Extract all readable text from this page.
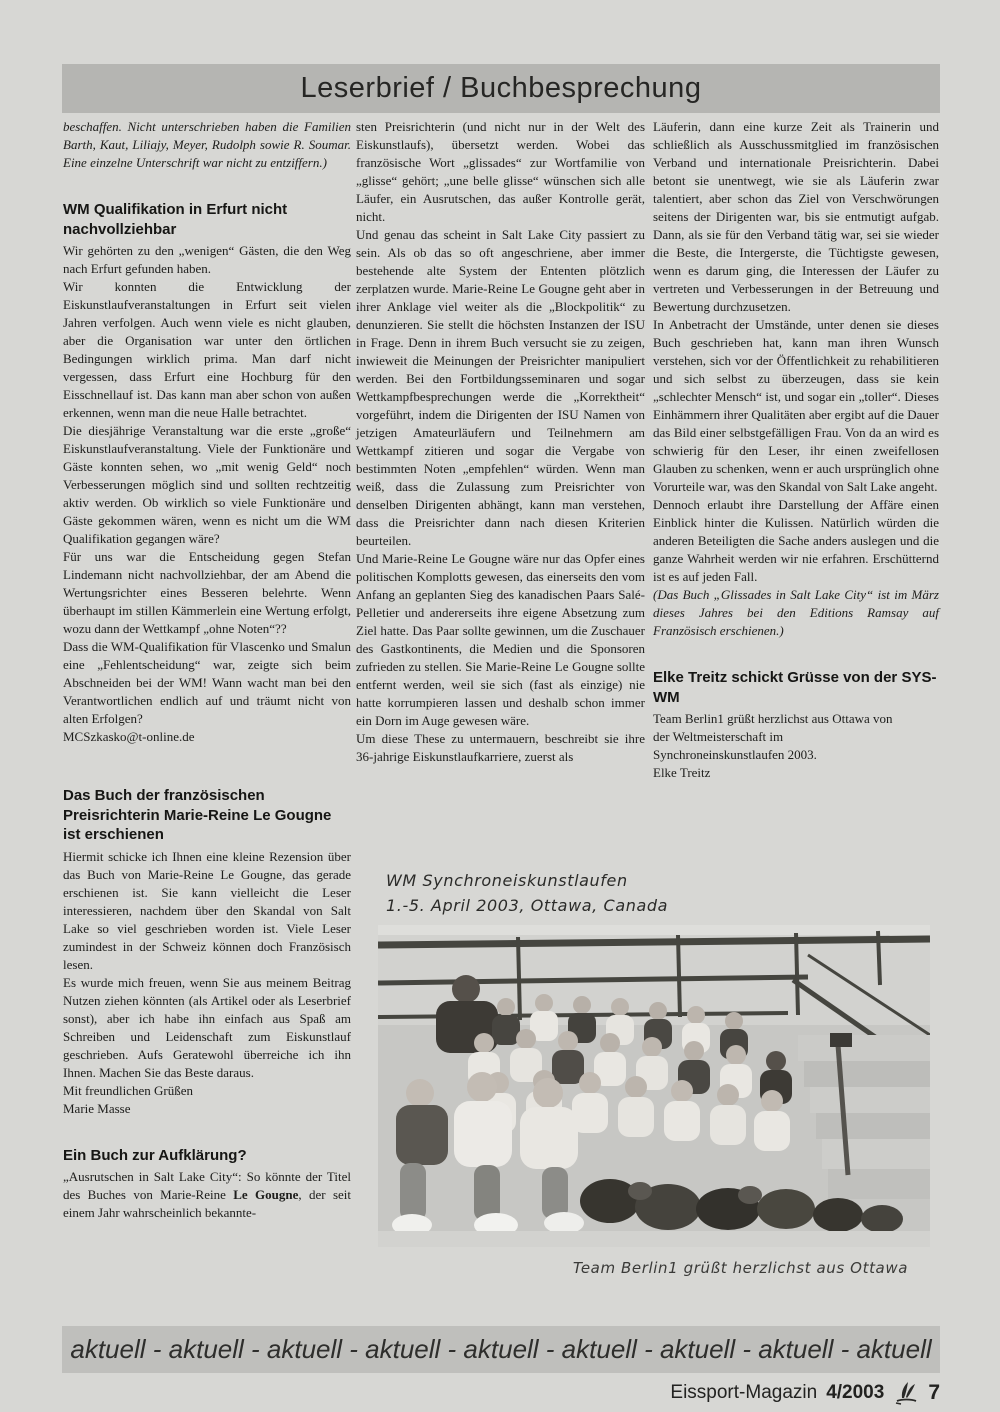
Leserbrief / Buchbesprechung

beschaffen. Nicht unterschrieben haben die Familien Barth, Kaut, Liliajy, Meyer, Rudolph sowie R. Soumar. Eine einzelne Unterschrift war nicht zu entziffern.)

WM Qualifikation in Erfurt nicht nachvollziehbar

Wir gehörten zu den „wenigen“ Gästen, die den Weg nach Erfurt gefunden haben.

Wir konnten die Entwicklung der Eiskunstlaufveranstaltungen in Erfurt seit vielen Jahren verfolgen. Auch wenn viele es nicht glauben, aber die Organisation war unter den örtlichen Bedingungen wirklich prima. Man darf nicht vergessen, dass Erfurt eine Hochburg für den Eisschnellauf ist. Das kann man aber schon von außen erkennen, wenn man die neue Halle betrachtet.

Die diesjährige Veranstaltung war die erste „große“ Eiskunstlaufveranstaltung. Viele der Funktionäre und Gäste konnten sehen, wo „mit wenig Geld“ noch Verbesserungen möglich sind und sollten rechtzeitig aktiv werden. Ob wirklich so viele Funktionäre und Gäste gekommen wären, wenn es nicht um die WM Qualifikation gegangen wäre?

Für uns war die Entscheidung gegen Stefan Lindemann nicht nachvollziehbar, der am Abend die Wertungsrichter eines Besseren belehrte. Wenn überhaupt im stillen Kämmerlein eine Wertung erfolgt, wozu dann der Wettkampf „ohne Noten“??

Dass die WM-Qualifikation für Vlascenko und Smalun eine „Fehlentscheidung“ war, zeigte sich beim Abschneiden bei der WM! Wann wacht man bei den Verantwortlichen endlich auf und träumt nicht von alten Erfolgen?

MCSzkasko@t-online.de

Das Buch der französischen Preisrichterin Marie-Reine Le Gougne ist erschienen

Hiermit schicke ich Ihnen eine kleine Rezension über das Buch von Marie-Reine Le Gougne, das gerade erschienen ist. Sie kann vielleicht die Leser interessieren, nachdem über den Skandal von Salt Lake so viel geschrieben worden ist. Viele Leser zumindest in der Schweiz können doch Französisch lesen.

Es wurde mich freuen, wenn Sie aus meinem Beitrag Nutzen ziehen könnten (als Artikel oder als Leserbrief sonst), aber ich habe ihn einfach aus Spaß am Schreiben und Leidenschaft zum Eiskunstlauf geschrieben. Aufs Geratewohl überreiche ich ihn Ihnen. Machen Sie das Beste daraus.

Mit freundlichen Grüßen

Marie Masse

Ein Buch zur Aufklärung?

„Ausrutschen in Salt Lake City“: So könnte der Titel des Buches von Marie-Reine Le Gougne, der seit einem Jahr wahrscheinlich bekannte-

sten Preisrichterin (und nicht nur in der Welt des Eiskunstlaufs), übersetzt werden. Wobei das französische Wort „glissades“ zur Wortfamilie von „glisse“ gehört; „une belle glisse“ wünschen sich alle Läufer, ein Ausrutschen, das außer Kontrolle gerät, nicht.

Und genau das scheint in Salt Lake City passiert zu sein. Als ob das so oft angeschriene, aber immer bestehende alte System der Ententen plötzlich zerplatzen wurde. Marie-Reine Le Gougne geht aber in ihrer Anklage viel weiter als die „Blockpolitik“ zu denunzieren. Sie stellt die höchsten Instanzen der ISU in Frage. Denn in ihrem Buch versucht sie zu zeigen, inwieweit die Meinungen der Preisrichter manipuliert werden. Bei den Fortbildungsseminaren und sogar Wettkampfbesprechungen werde die „Korrektheit“ vorgeführt, indem die Dirigenten der ISU Namen von jetzigen Amateurläufern und Teilnehmern am Wettkampf zitieren und sogar die Vergabe von bestimmten Noten „empfehlen“ würden. Wenn man weiß, dass die Zulassung zum Preisrichter von denselben Dirigenten abhängt, kann man verstehen, dass die Preisrichter dann nach diesen Kriterien beurteilen.

Und Marie-Reine Le Gougne wäre nur das Opfer eines politischen Komplotts gewesen, das einerseits den vom Anfang an geplanten Sieg des kanadischen Paars Salé-Pelletier und andererseits ihre eigene Absetzung zum Ziel hatte. Das Paar sollte gewinnen, um die Zuschauer des Gastkontinents, die Medien und die Sponsoren zufrieden zu stellen. Sie Marie-Reine Le Gougne sollte entfernt werden, weil sie sich (fast als einzige) nie hatte korrumpieren lassen und deshalb schon immer ein Dorn im Auge gewesen wäre.

Um diese These zu untermauern, beschreibt sie ihre 36-jahrige Eiskunstlaufkarriere, zuerst als

Läuferin, dann eine kurze Zeit als Trainerin und schließlich als Ausschussmitglied im französischen Verband und internationale Preisrichterin. Dabei betont sie unentwegt, wie sie als Läuferin zwar talentiert, aber schon das Ziel von Verschwörungen seitens der Dirigenten war, bis sie entmutigt aufgab. Dann, als sie für den Verband tätig war, sei sie wieder die Beste, die Intergerste, die Tüchtigste gewesen, wenn es darum ging, die Interessen der Läufer zu vertreten und Verbesserungen in der Betreuung und Bewertung durchzusetzen.

In Anbetracht der Umstände, unter denen sie dieses Buch geschrieben hat, kann man ihren Wunsch verstehen, sich vor der Öffentlichkeit zu rehabilitieren und sich selbst zu überzeugen, dass sie kein „schlechter Mensch“ ist, und sogar ein „toller“. Dieses Einhämmern ihrer Qualitäten aber ergibt auf die Dauer das Bild einer selbstgefälligen Frau. Von da an wird es schwierig für den Leser, ihr einen zweifellosen Glauben zu schenken, wenn er auch ursprünglich ohne Vorurteile war, was den Skandal von Salt Lake angeht.

Dennoch erlaubt ihre Darstellung der Affäre einen Einblick hinter die Kulissen. Natürlich würden die anderen Beteiligten die Sache anders auslegen und die ganze Wahrheit werden wir nie erfahren. Erschütternd ist es auf jeden Fall.

(Das Buch „Glissades in Salt Lake City“ ist im März dieses Jahres bei den Editions Ramsay auf Französisch erschienen.)

Elke Treitz schickt Grüsse von der SYS-WM
Team Berlin1 grüßt herzlichst aus Ottawa von
der Weltmeisterschaft im
Synchroneinskunstlaufen 2003.
Elke Treitz
WM Synchroneiskunstlaufen
1.-5. April 2003, Ottawa, Canada
Team Berlin1 grüßt herzlichst aus Ottawa
aktuell - aktuell - aktuell - aktuell - aktuell - aktuell - aktuell - aktuell - aktuell
Eissport-Magazin 4/2003 7
